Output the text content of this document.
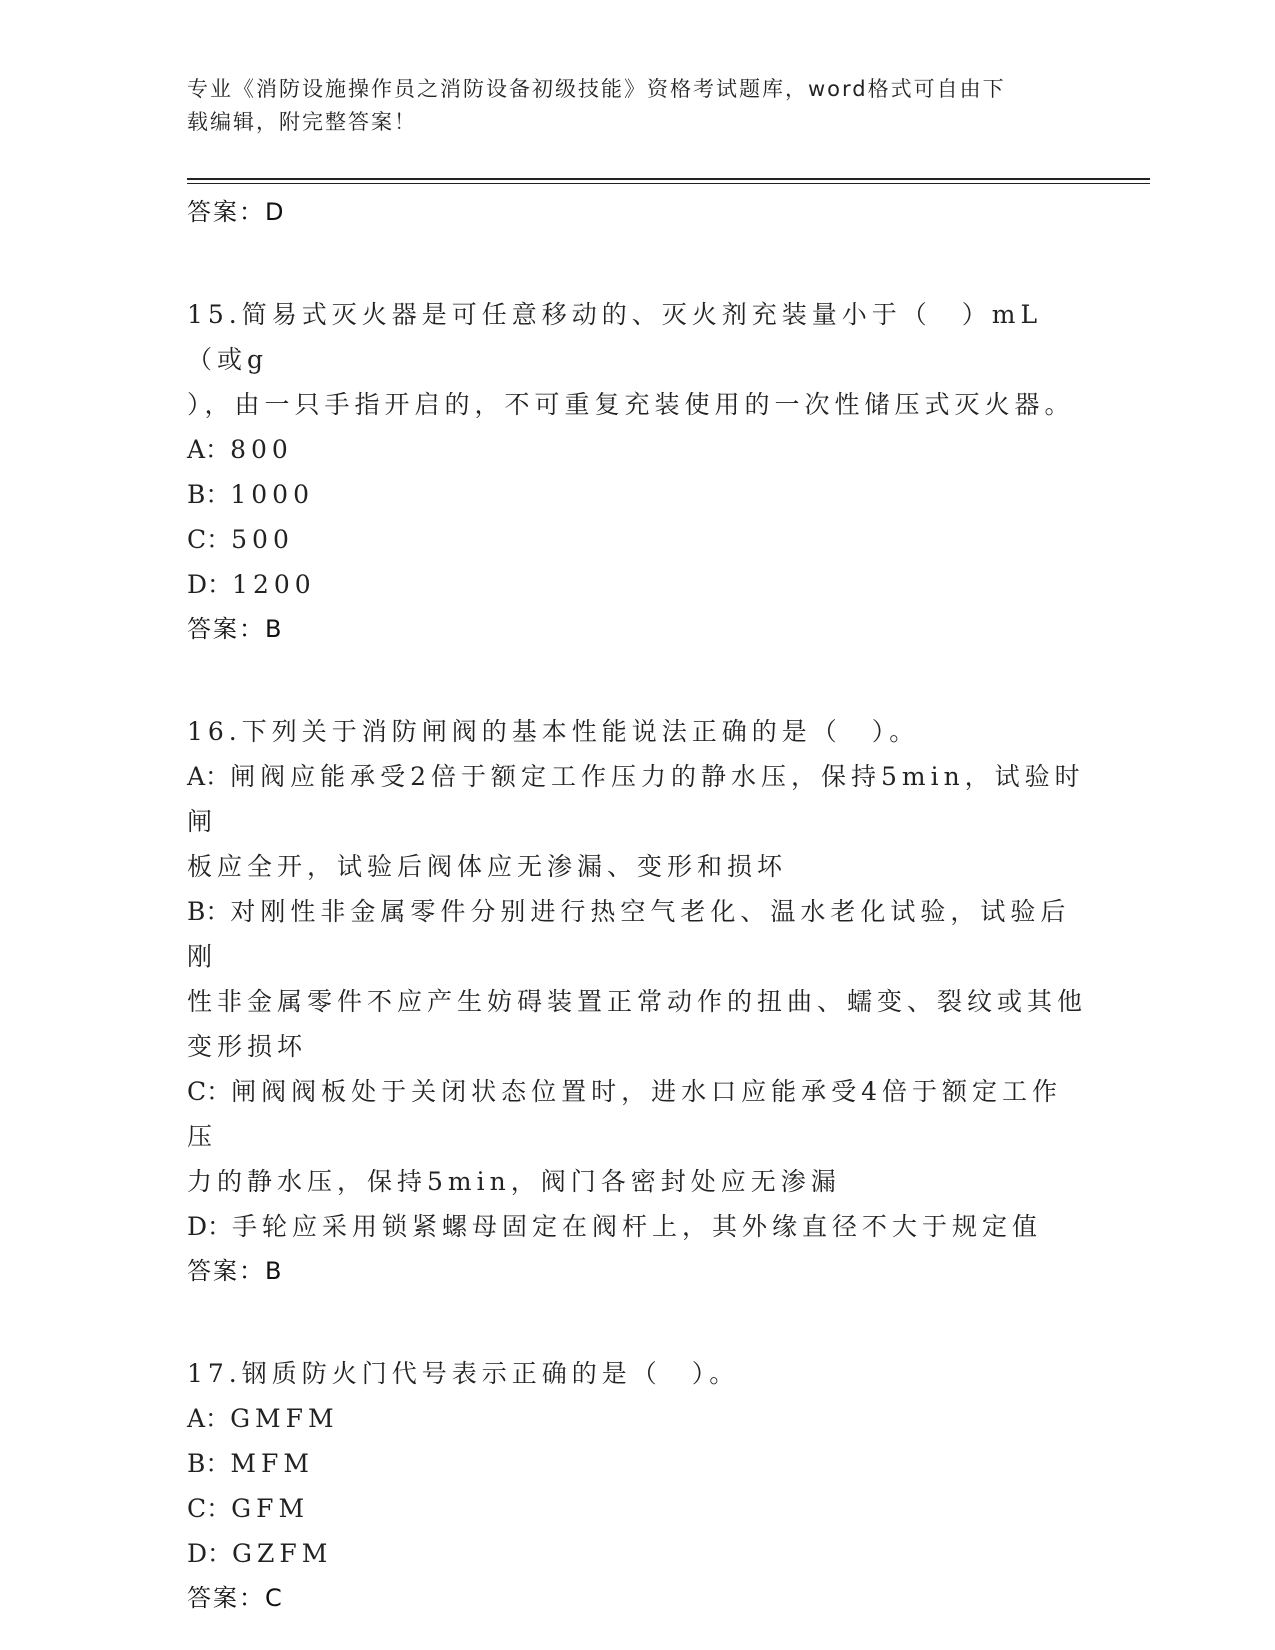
专业《消防设施操作员之消防设备初级技能》资格考试题库，word格式可自由下
载编辑，附完整答案！
答案：D
15.简易式灭火器是可任意移动的、灭火剂充装量小于（　）mL（或g
），由一只手指开启的，不可重复充装使用的一次性储压式灭火器。
A：800
B：1000
C：500
D：1200
答案：B
16.下列关于消防闸阀的基本性能说法正确的是（　）。
A：闸阀应能承受2倍于额定工作压力的静水压，保持5min，试验时闸
板应全开，试验后阀体应无渗漏、变形和损坏
B：对刚性非金属零件分别进行热空气老化、温水老化试验，试验后刚
性非金属零件不应产生妨碍装置正常动作的扭曲、蠕变、裂纹或其他
变形损坏
C：闸阀阀板处于关闭状态位置时，进水口应能承受4倍于额定工作压
力的静水压，保持5min，阀门各密封处应无渗漏
D：手轮应采用锁紧螺母固定在阀杆上，其外缘直径不大于规定值
答案：B
17.钢质防火门代号表示正确的是（　）。
A：GMFM
B：MFM
C：GFM
D：GZFM
答案：C
